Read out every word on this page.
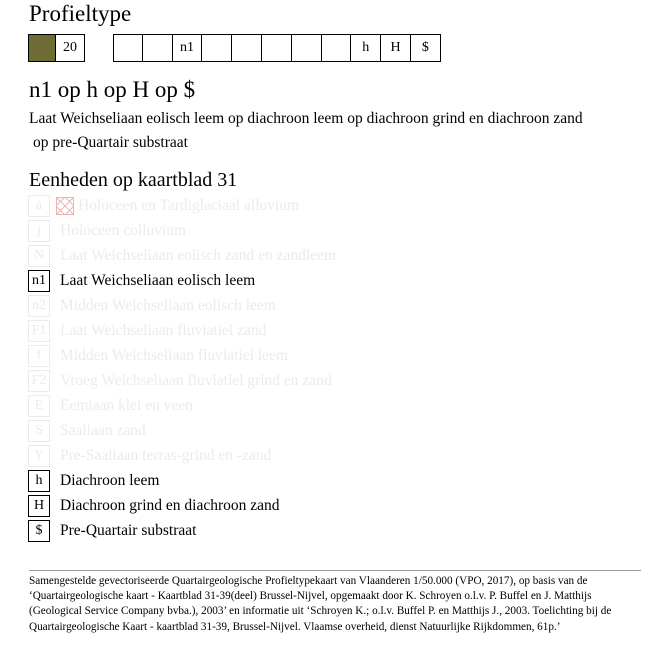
Profieltype
20	n1	h	H	$
n1 op h op H op $
Laat Weichseliaan eolisch leem op diachroon leem op diachroon grind en diachroon zand
op pre-Quartair substraat
Eenheden op kaartblad 31
a	Holoceen en Tardiglaciaal alluvium
j	Holoceen colluvium
N	Laat Weichseliaan eolisch zand en zandleem
n1 Laat Weichseliaan eolisch leem
n2 Midden Weichseliaan eolisch leem
F1 Laat Weichseliaan fluviatiel zand
f	Midden Weichseliaan fluviatiel leem
F2 Vroeg Weichseliaan fluviatiel grind en zand
E	Eemiaan klei en veen
S	Saaliaan zand
Y	Pre-Saaliaan terras-grind en -zand
h	Diachroon leem
H	Diachroon grind en diachroon zand
$	Pre-Quartair substraat
Samengestelde gevectoriseerde Quartairgeologische Profieltypekaart van Vlaanderen 1/50.000 (VPO, 2017), op basis van de ‘Quartairgeologische kaart - Kaartblad 31-39(deel) Brussel-Nijvel, opgemaakt door K. Schroyen o.l.v. P. Buffel en J. Matthijs (Geological Service Company bvba.), 2003’ en informatie uit ‘Schroyen K.; o.l.v. Buffel P. en Matthijs J., 2003. Toelichting bij de Quartairgeologische Kaart - kaartblad 31-39, Brussel-Nijvel. Vlaamse overheid, dienst Natuurlijke Rijkdommen, 61p.’
